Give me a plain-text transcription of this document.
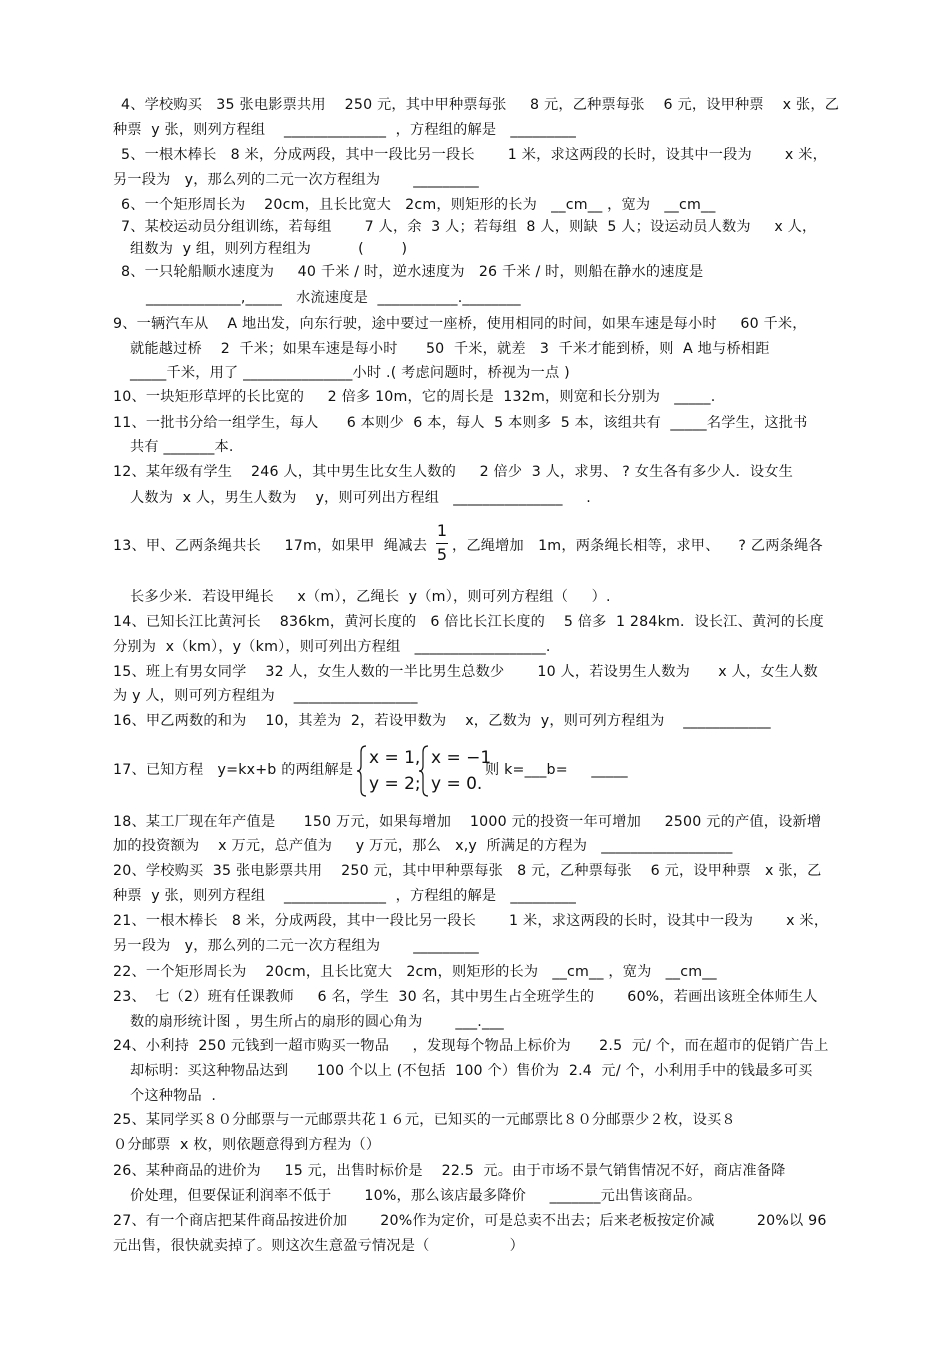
4、学校购买   35 张电影票共用    250 元，其中甲种票每张     8 元，乙种票每张    6 元，设甲种票    x 张，乙
种票  y 张，则列方程组    ______________  ，方程组的解是   _________
5、一根木棒长   8 米，分成两段，其中一段比另一段长       1 米，求这两段的长时，设其中一段为       x 米，
另一段为   y，那么列的二元一次方程组为       _________
6、一个矩形周长为    20cm，且长比宽大   2cm，则矩形的长为   __cm__ ，宽为   __cm__
7、某校运动员分组训练，若每组       7 人，余  3 人；若每组  8 人，则缺  5 人；设运动员人数为     x 人，
组数为  y 组，则列方程组为          (        )
8、一只轮船顺水速度为     40 千米 / 时，逆水速度为   26 千米 / 时，则船在静水的速度是
_____________,_____   水流速度是  ___________.________
9、一辆汽车从    A 地出发，向东行驶，途中要过一座桥，使用相同的时间，如果车速是每小时     60 千米，
就能越过桥    2  千米；如果车速是每小时      50  千米，就差   3  千米才能到桥，则  A 地与桥相距
_____千米，用了 _______________小时 .( 考虑问题时，桥视为一点 )
10、一块矩形草坪的长比宽的     2 倍多 10m，它的周长是  132m，则宽和长分别为   _____.
11、一批书分给一组学生，每人      6 本则少  6 本，每人  5 本则多  5 本，该组共有  _____名学生，这批书
共有 _______本.
12、某年级有学生    246 人，其中男生比女生人数的     2 倍少  3 人，求男、 ? 女生各有多少人．设女生
人数为  x 人，男生人数为    y，则可列出方程组   _______________     .
13、甲、乙两条绳共长     17m，如果甲  绳减去
1
5 ，乙绳增加   1m，两条绳长相等，求甲、    ? 乙两条绳各
长多少米．若设甲绳长     x（m），乙绳长  y（m），则可列方程组（     ）.
14、已知长江比黄河长    836km，黄河长度的   6 倍比长江长度的    5 倍多  1 284km．设长江、黄河的长度
分别为  x（km），y（km），则可列出方程组   __________________.
15、班上有男女同学    32 人，女生人数的一半比男生总数少       10 人，若设男生人数为      x 人，女生人数
为 y 人，则可列方程组为    _________________
16、甲乙两数的和为    10，其差为  2，若设甲数为    x，乙数为  y，则可列方程组为    ____________
17、已知方程   y=kx+b 的两组解是
x = 1,
y = 2;
x = −1
y = 0.
则 k=___b=     _____
18、某工厂现在年产值是      150 万元，如果每增加    1000 元的投资一年可增加     2500 元的产值，设新增
加的投资额为    x 万元，总产值为     y 万元，那么   x,y  所满足的方程为   __________________
20、学校购买  35 张电影票共用    250 元，其中甲种票每张   8 元，乙种票每张    6 元，设甲种票   x 张，乙
种票  y 张，则列方程组    ______________  ，方程组的解是   _________
21、一根木棒长   8 米，分成两段，其中一段比另一段长       1 米，求这两段的长时，设其中一段为       x 米，
另一段为   y，那么列的二元一次方程组为       _________
22、一个矩形周长为    20cm，且长比宽大   2cm，则矩形的长为   __cm__ ，宽为   __cm__
23、  七（2）班有任课教师     6 名，学生  30 名，其中男生占全班学生的       60%，若画出该班全体师生人
数的扇形统计图 ，男生所占的扇形的圆心角为       ___.___
24、小利持  250 元钱到一超市购买一物品     ，发现每个物品上标价为      2.5  元/ 个，而在超市的促销广告上
却标明：买这种物品达到      100 个以上 (不包括  100 个）售价为  2.4  元/ 个，小利用手中的钱最多可买
个这种物品  .
25、某同学买８０分邮票与一元邮票共花１６元，已知买的一元邮票比８０分邮票少２枚，设买８
０分邮票  x 枚，则依题意得到方程为（）
26、某种商品的进价为     15 元，出售时标价是    22.5  元。由于市场不景气销售情况不好，商店准备降
价处理，但要保证利润率不低于       10%，那么该店最多降价     _______元出售该商品。
27、有一个商店把某件商品按进价加       20%作为定价，可是总卖不出去；后来老板按定价减         20%以 96
元出售，很快就卖掉了。则这次生意盈亏情况是（                 ）
